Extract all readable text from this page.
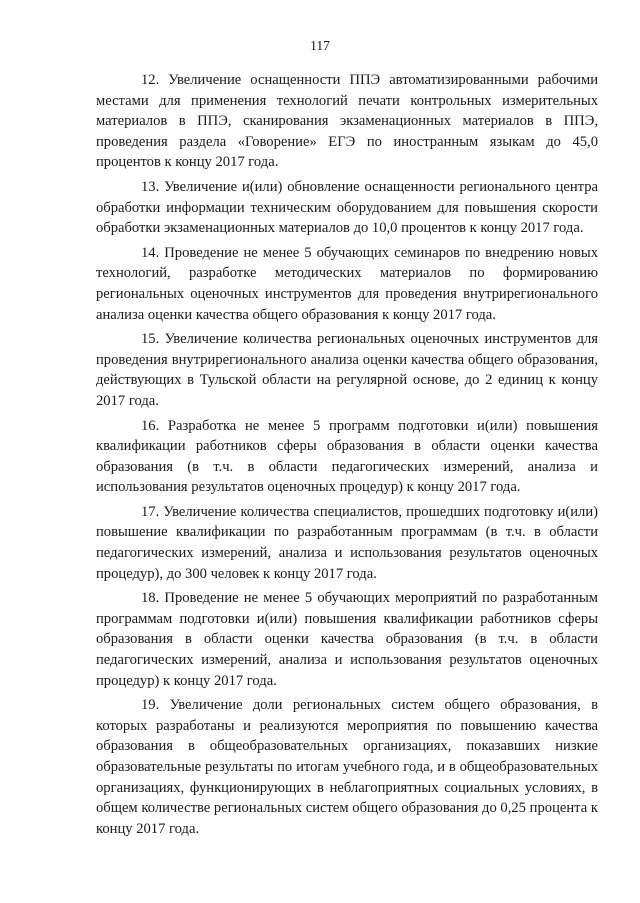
117

12. Увеличение оснащенности ППЭ автоматизированными рабочими местами для применения технологий печати контрольных измерительных материалов в ППЭ, сканирования экзаменационных материалов в ППЭ, проведения раздела «Говорение» ЕГЭ по иностранным языкам до 45,0 процентов к концу 2017 года.

13. Увеличение и(или) обновление оснащенности регионального центра обработки информации техническим оборудованием для повышения скорости обработки экзаменационных материалов до 10,0 процентов к концу 2017 года.

14. Проведение не менее 5 обучающих семинаров по внедрению новых технологий, разработке методических материалов по формированию региональных оценочных инструментов для проведения внутрирегионального анализа оценки качества общего образования к концу 2017 года.

15. Увеличение количества региональных оценочных инструментов для проведения внутрирегионального анализа оценки качества общего образования, действующих в Тульской области на регулярной основе, до 2 единиц к концу 2017 года.

16. Разработка не менее 5 программ подготовки и(или) повышения квалификации работников сферы образования в области оценки качества образования (в т.ч. в области педагогических измерений, анализа и использования результатов оценочных процедур) к концу 2017 года.

17. Увеличение количества специалистов, прошедших подготовку и(или) повышение квалификации по разработанным программам (в т.ч. в области педагогических измерений, анализа и использования результатов оценочных процедур), до 300 человек к концу 2017 года.

18. Проведение не менее 5 обучающих мероприятий по разработанным программам подготовки и(или) повышения квалификации работников сферы образования в области оценки качества образования (в т.ч. в области педагогических измерений, анализа и использования результатов оценочных процедур) к концу 2017 года.

19. Увеличение доли региональных систем общего образования, в которых разработаны и реализуются мероприятия по повышению качества образования в общеобразовательных организациях, показавших низкие образовательные результаты по итогам учебного года, и в общеобразовательных организациях, функционирующих в неблагоприятных социальных условиях, в общем количестве региональных систем общего образования до 0,25 процента к концу 2017 года.
